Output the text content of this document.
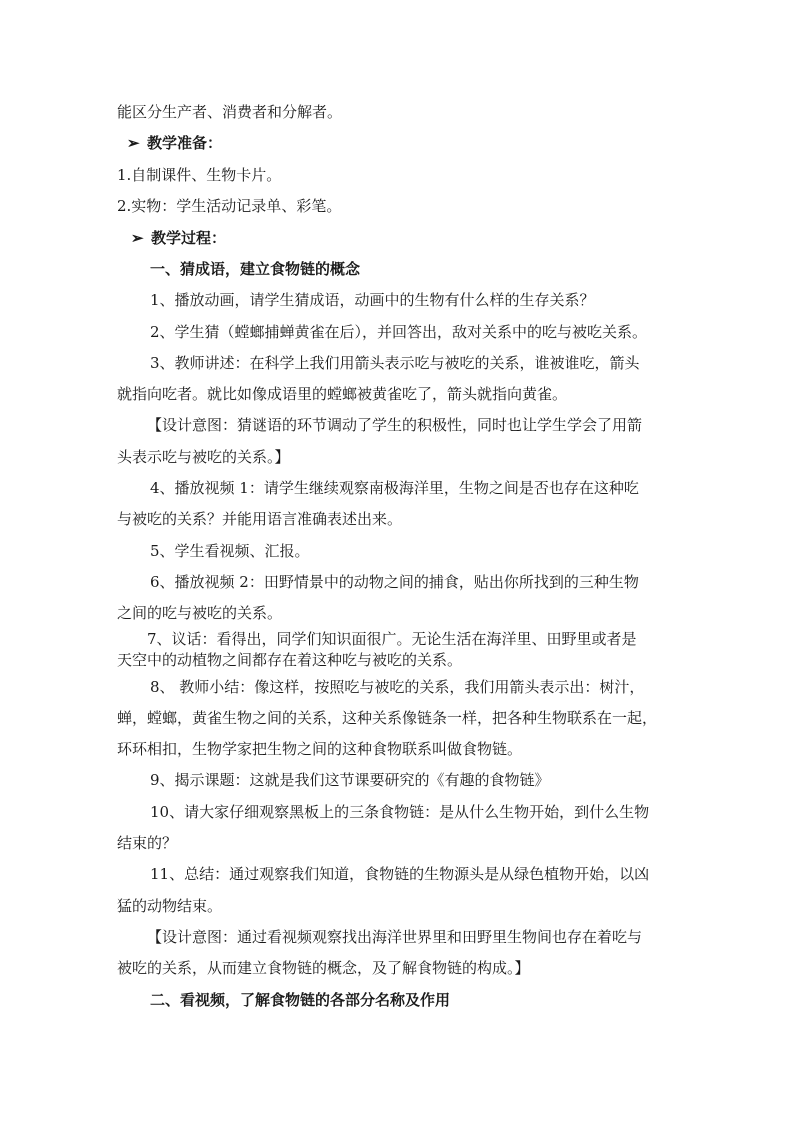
能区分生产者、消费者和分解者。
➢ 教学准备：
1.自制课件、生物卡片。
2.实物：学生活动记录单、彩笔。
➢ 教学过程：
一、猜成语，建立食物链的概念
1、播放动画，请学生猜成语，动画中的生物有什么样的生存关系？
2、学生猜（螳螂捕蝉黄雀在后），并回答出，敌对关系中的吃与被吃关系。
3、教师讲述：在科学上我们用箭头表示吃与被吃的关系，谁被谁吃，箭头
就指向吃者。就比如像成语里的螳螂被黄雀吃了，箭头就指向黄雀。
【设计意图：猜谜语的环节调动了学生的积极性，同时也让学生学会了用箭
头表示吃与被吃的关系。】
4、播放视频 1：请学生继续观察南极海洋里，生物之间是否也存在这种吃
与被吃的关系？并能用语言准确表述出来。
5、学生看视频、汇报。
6、播放视频 2：田野情景中的动物之间的捕食，贴出你所找到的三种生物
之间的吃与被吃的关系。
7、议话：看得出，同学们知识面很广。无论生活在海洋里、田野里或者是
天空中的动植物之间都存在着这种吃与被吃的关系。
8、 教师小结：像这样，按照吃与被吃的关系，我们用箭头表示出：树汁，
蝉，螳螂，黄雀生物之间的关系，这种关系像链条一样，把各种生物联系在一起，
环环相扣，生物学家把生物之间的这种食物联系叫做食物链。
9、揭示课题：这就是我们这节课要研究的《有趣的食物链》
10、请大家仔细观察黑板上的三条食物链：是从什么生物开始，到什么生物
结束的？
11、总结：通过观察我们知道，食物链的生物源头是从绿色植物开始，以凶
猛的动物结束。
【设计意图：通过看视频观察找出海洋世界里和田野里生物间也存在着吃与
被吃的关系，从而建立食物链的概念，及了解食物链的构成。】
二、看视频，了解食物链的各部分名称及作用
